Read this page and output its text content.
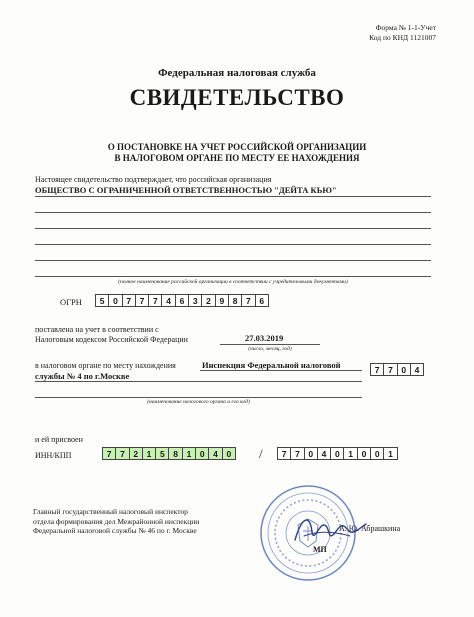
Форма № 1-1-Учет
Код по КНД 1121007
Федеральная налоговая служба
СВИДЕТЕЛЬСТВО
О ПОСТАНОВКЕ НА УЧЕТ РОССИЙСКОЙ ОРГАНИЗАЦИИ
В НАЛОГОВОМ ОРГАНЕ ПО МЕСТУ ЕЕ НАХОЖДЕНИЯ
Настоящее свидетельство подтверждает, что российская организация
ОБЩЕСТВО С ОГРАНИЧЕННОЙ ОТВЕТСТВЕННОСТЬЮ "ДЕЙТА КЬЮ"
(полное наименование российской организации в соответствии с учредительными документами)
ОГРН	5	0	7	7	7	4	6	3	2	9	8	7	6
поставлена на учет в соответствии с
Налоговым кодексом Российской Федерации	27.03.2019
(число, месяц, год)
в налоговом органе по месту нахождения	Инспекция Федеральной налоговой
службы № 4 по г.Москве
7	7	0	4
(наименование налогового органа и его код)
и ей присвоен
ИНН/КПП	7	7	2	1	5	8	1	0	4	0	/	7	7	0	4	0	1	0	0	1
Главный государственный налоговый инспектор
отдела формирования дел Межрайонной инспекции
Федеральной налоговой службы № 46 по г. Москве
МП
А. Ю. Абрашкина
